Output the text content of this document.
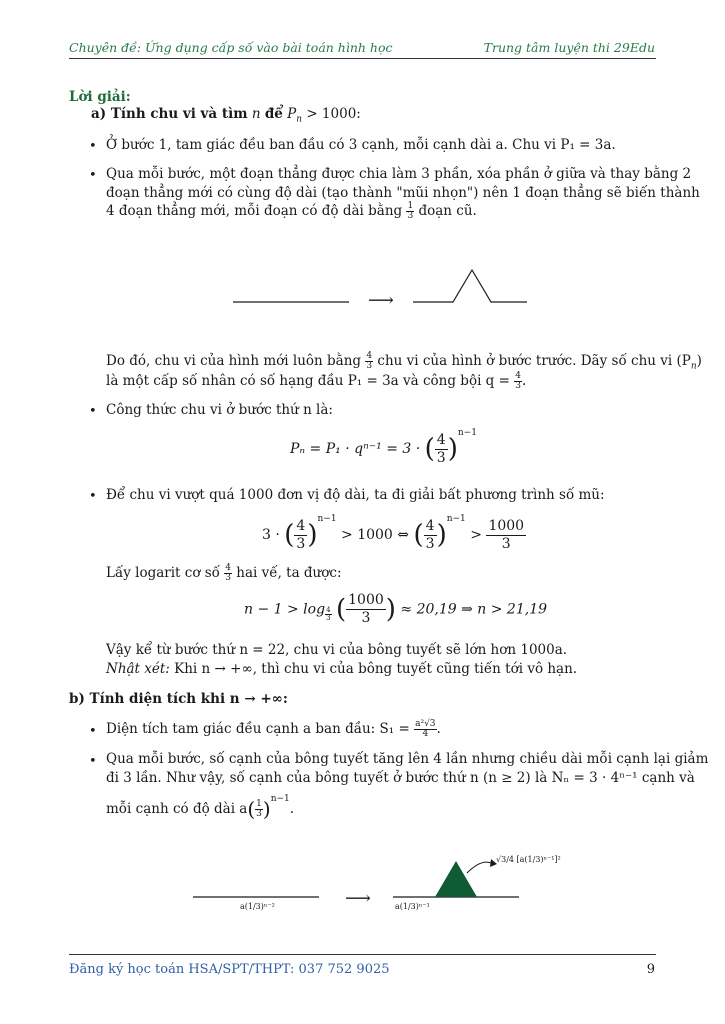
Chuyên đề: Ứng dụng cấp số vào bài toán hình học	Trung tâm luyện thi 29Edu
Lời giải:
a) Tính chu vi và tìm n để $P_n > 1000$:
• Ở bước 1, tam giác đều ban đầu có 3 cạnh, mỗi cạnh dài a. Chu vi P₁ = 3a.
• Qua mỗi bước, một đoạn thẳng được chia làm 3 phần, xóa phần ở giữa và thay bằng 2
đoạn thẳng mới có cùng độ dài (tạo thành "mũi nhọn") nên 1 đoạn thẳng sẽ biến thành
4 đoạn thẳng mới, mỗi đoạn có độ dài bằng $\frac{1}{3}$ đoạn cũ.
⟶
Do đó, chu vi của hình mới luôn bằng $\frac{4}{3}$ chu vi của hình ở bước trước. Dãy số chu vi $(P_n)$
là một cấp số nhân có số hạng đầu P₁ = 3a và công bội $q = \frac{4}{3}$ .
• Công thức chu vi ở bước thứ n là:
Pₙ = P₁ · qⁿ⁻¹ = 3 · ( $\frac{4}{3} )^{n-1}$
• Để chu vi vượt quá 1000 đơn vị độ dài, ta đi giải bất phương trình số mũ:
3 · ( $\frac{4}{3} )^{n-1} > 1000$ ⇔ ( $\frac{4}{3} )^{n-1} > \frac{1000}{3}$
Lấy logarit cơ số $\frac{4}{3}$ hai vế, ta được:
$n - 1 > \log \frac{4}{3}$ ( $\frac{1000}{3}$ ) ≈ 20,19 ⇒ n > 21,19
Vậy kể từ bước thứ n = 22, chu vi của bông tuyết sẽ lớn hơn 1000a.
Nhật xét: Khi n → +∞, thì chu vi của bông tuyết cũng tiến tới vô hạn.
b) Tính diện tích khi n → +∞:
• Diện tích tam giác đều cạnh a ban đầu: $S_1 = \frac{\text{a²√3}}{4}$ .
• Qua mỗi bước, số cạnh của bông tuyết tăng lên 4 lần nhưng chiều dài mỗi cạnh lại giảm
đi 3 lần. Như vậy, số cạnh của bông tuyết ở bước thứ n (n ≥ 2) là Nₙ = 3 · 4ⁿ⁻¹ cạnh và
mỗi cạnh có độ dài $a( \frac{1}{3} )^{n-1}$.
⟶
a(1/3)ⁿ⁻²	a(1/3)ⁿ⁻¹
√3/4 [a(1/3)ⁿ⁻¹]²
Đăng ký học toán HSA/SPT/THPT: 037 752 9025	9
